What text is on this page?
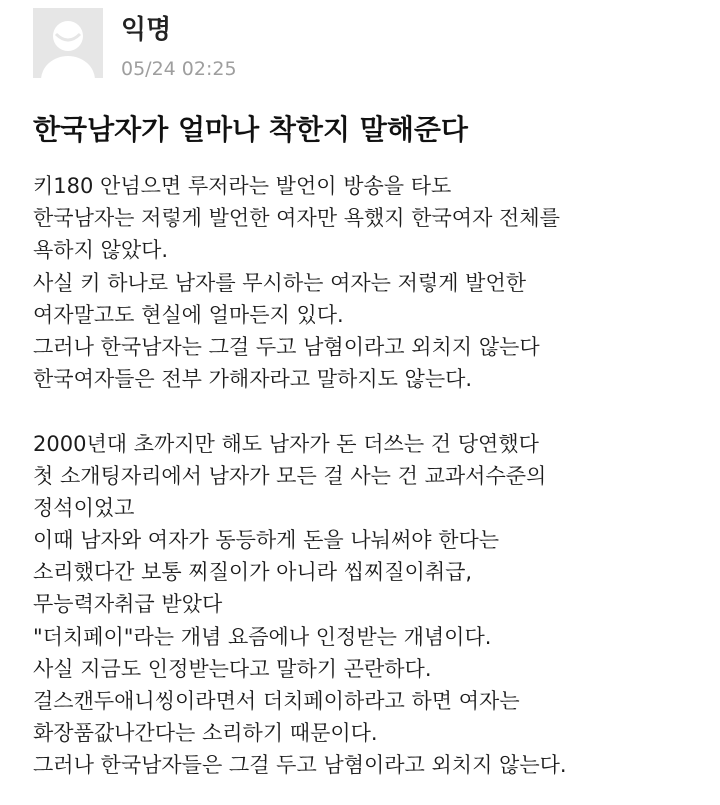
익명
05/24 02:25
한국남자가 얼마나 착한지 말해준다
키180 안넘으면 루저라는 발언이 방송을 타도
한국남자는 저렇게 발언한 여자만 욕했지 한국여자 전체를
욕하지 않았다.
사실 키 하나로 남자를 무시하는 여자는 저렇게 발언한
여자말고도 현실에 얼마든지 있다.
그러나 한국남자는 그걸 두고 남혐이라고 외치지 않는다
한국여자들은 전부 가해자라고 말하지도 않는다.
2000년대 초까지만 해도 남자가 돈 더쓰는 건 당연했다
첫 소개팅자리에서 남자가 모든 걸 사는 건 교과서수준의
정석이었고
이때 남자와 여자가 동등하게 돈을 나눠써야 한다는
소리했다간 보통 찌질이가 아니라 씹찌질이취급,
무능력자취급 받았다
"더치페이"라는 개념 요즘에나 인정받는 개념이다.
사실 지금도 인정받는다고 말하기 곤란하다.
걸스캔두애니씽이라면서 더치페이하라고 하면 여자는
화장품값나간다는 소리하기 때문이다.
그러나 한국남자들은 그걸 두고 남혐이라고 외치지 않는다.
